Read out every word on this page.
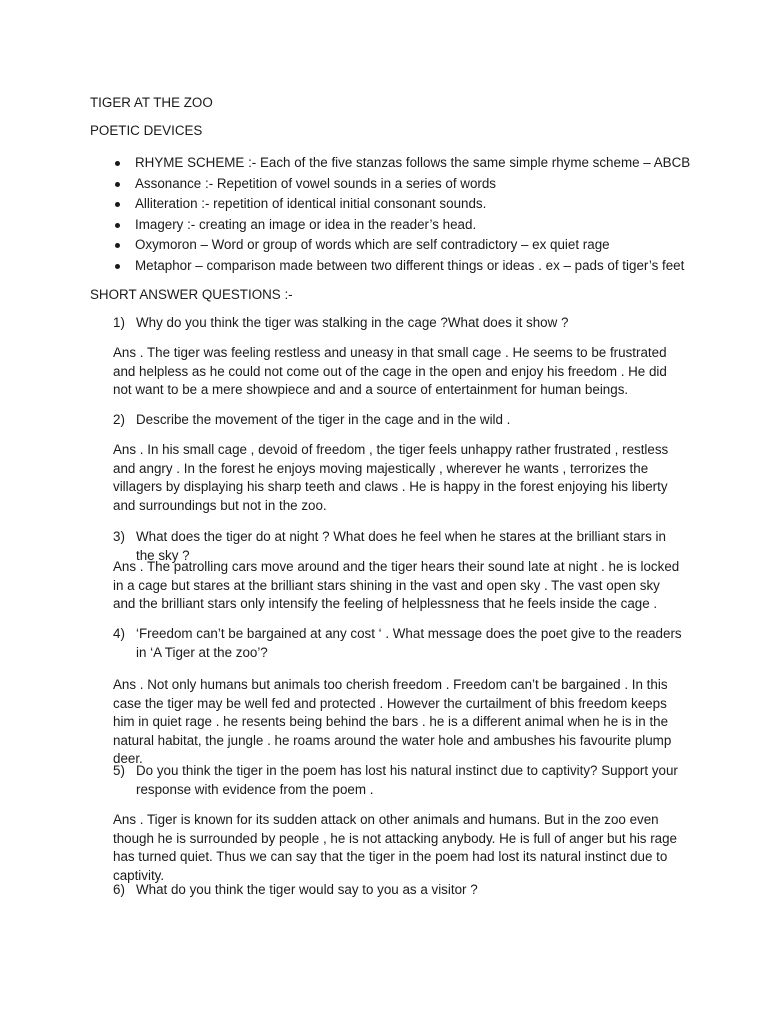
TIGER AT THE ZOO
POETIC DEVICES
RHYME SCHEME :- Each of the five stanzas follows the same simple rhyme scheme – ABCB
Assonance :- Repetition of vowel sounds in a series of words
Alliteration :- repetition of identical initial consonant sounds.
Imagery :- creating an image or idea in the reader’s head.
Oxymoron – Word or group of words which are self contradictory – ex quiet rage
Metaphor – comparison made between two different things or ideas . ex – pads of tiger’s feet
SHORT ANSWER QUESTIONS :-
1) Why do you think the tiger was stalking in the cage ?What does it show ?
Ans . The tiger was feeling restless and uneasy in that small cage . He seems to be frustrated and helpless as he could not come out of the cage in the open and enjoy his freedom . He did not want to be a mere showpiece and and a source of entertainment for human beings.
2) Describe the movement of the tiger in the cage and in the wild .
Ans . In his small cage , devoid of freedom , the tiger feels unhappy rather frustrated , restless and angry . In the forest he enjoys moving majestically , wherever he wants , terrorizes the villagers by displaying his sharp teeth and claws . He is happy in the forest enjoying his liberty and surroundings but not in the zoo.
3) What does the tiger do at night ? What does he feel when he stares at the brilliant stars in the sky ?
Ans . The patrolling cars move around and the tiger hears their sound late at night . he is locked in a cage but stares at the brilliant stars shining in the vast and open sky . The vast open sky and the brilliant stars only intensify the feeling of helplessness that he feels inside the cage .
4) ‘Freedom can’t be bargained at any cost ‘ . What message does the poet give to the readers in ‘A Tiger at the zoo’?
Ans . Not only humans but animals too cherish freedom . Freedom can’t be bargained . In this case the tiger may be well fed and protected . However the curtailment of bhis freedom keeps him in quiet rage . he resents being behind the bars . he is a different animal when he is in the natural habitat, the jungle . he roams around the water hole and ambushes his favourite plump deer.
5) Do you think the tiger in the poem has lost his natural instinct due to captivity? Support your response with evidence from the poem .
Ans . Tiger is known for its sudden attack on other animals and humans. But in the zoo even though he is surrounded by people , he is not attacking anybody. He is full of anger but his rage has turned quiet. Thus we can say that the tiger in the poem had lost its natural instinct due to captivity.
6) What do you think the tiger would say to you as a visitor ?
